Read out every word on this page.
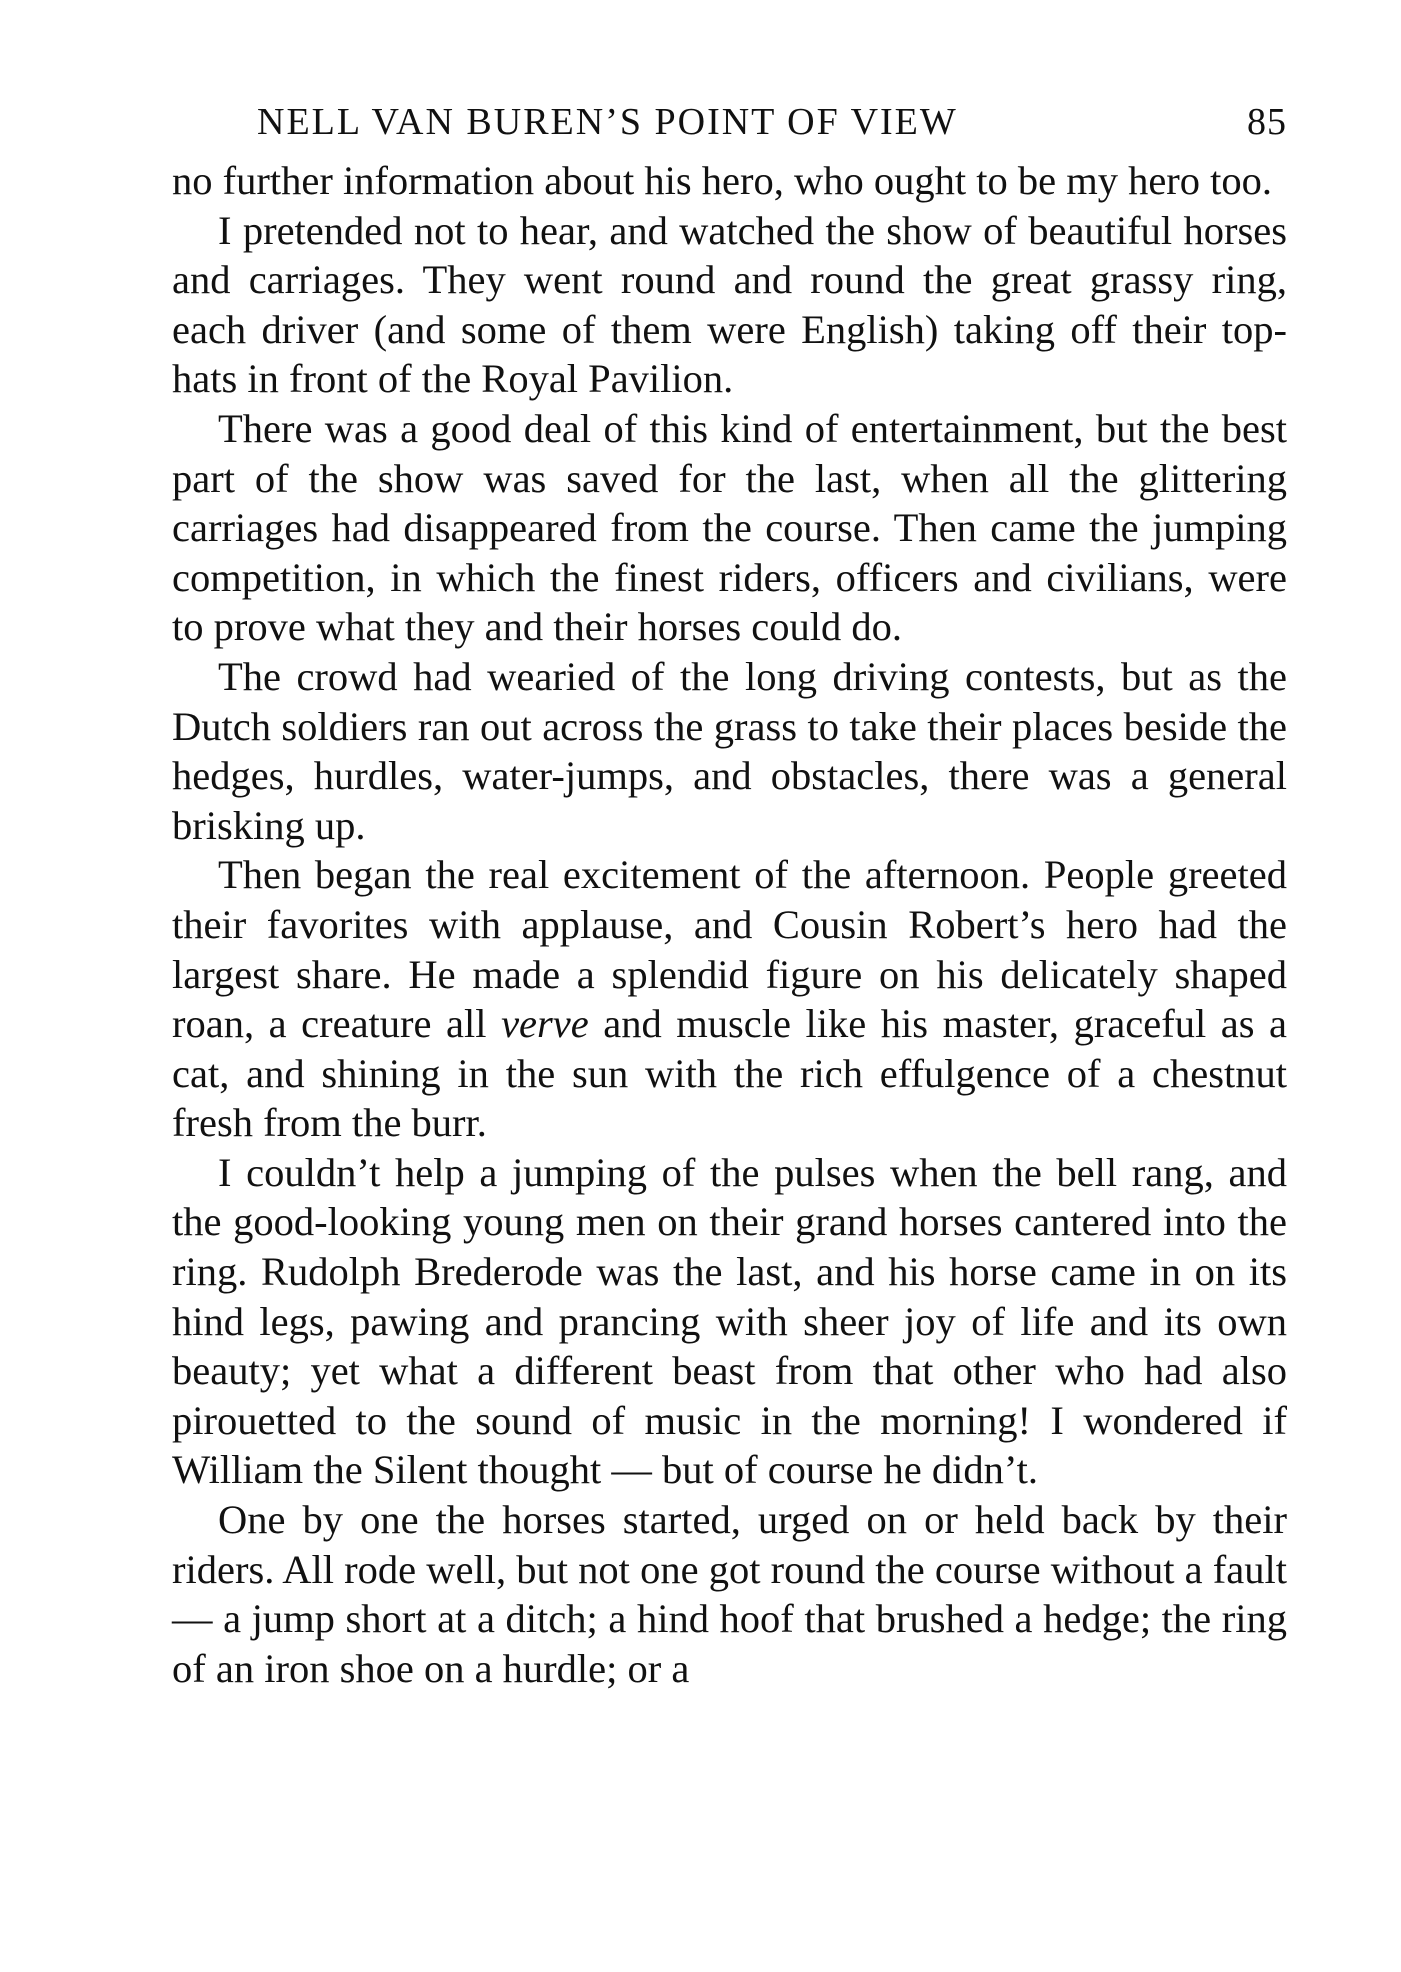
NELL VAN BUREN’S POINT OF VIEW	85

no further information about his hero, who ought to be my hero too.

I pretended not to hear, and watched the show of beautiful horses and carriages. They went round and round the great grassy ring, each driver (and some of them were English) taking off their top-hats in front of the Royal Pavilion.

There was a good deal of this kind of entertainment, but the best part of the show was saved for the last, when all the glittering carriages had disappeared from the course. Then came the jumping competition, in which the finest riders, officers and civilians, were to prove what they and their horses could do.

The crowd had wearied of the long driving contests, but as the Dutch soldiers ran out across the grass to take their places beside the hedges, hurdles, water-jumps, and obstacles, there was a general brisking up.

Then began the real excitement of the afternoon. People greeted their favorites with applause, and Cousin Robert’s hero had the largest share. He made a splendid figure on his delicately shaped roan, a creature all verve and muscle like his master, graceful as a cat, and shining in the sun with the rich effulgence of a chestnut fresh from the burr.

I couldn’t help a jumping of the pulses when the bell rang, and the good-looking young men on their grand horses cantered into the ring. Rudolph Brederode was the last, and his horse came in on its hind legs, pawing and prancing with sheer joy of life and its own beauty; yet what a different beast from that other who had also pirouetted to the sound of music in the morning! I wondered if William the Silent thought — but of course he didn’t.

One by one the horses started, urged on or held back by their riders. All rode well, but not one got round the course without a fault — a jump short at a ditch; a hind hoof that brushed a hedge; the ring of an iron shoe on a hurdle; or a
